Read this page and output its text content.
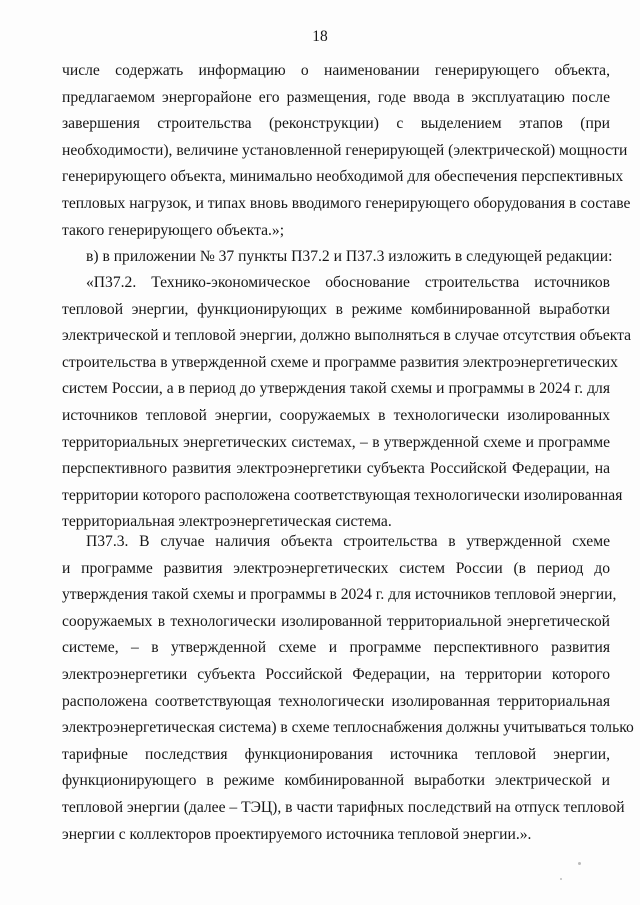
18
числе содержать информацию о наименовании генерирующего объекта,
предлагаемом энергорайоне его размещения, годе ввода в эксплуатацию после
завершения строительства (реконструкции) с выделением этапов (при
необходимости), величине установленной генерирующей (электрической) мощности
генерирующего объекта, минимально необходимой для обеспечения перспективных
тепловых нагрузок, и типах вновь вводимого генерирующего оборудования в составе
такого генерирующего объекта.»;
в) в приложении № 37 пункты П37.2 и П37.3 изложить в следующей редакции:
«П37.2. Технико-экономическое обоснование строительства источников
тепловой энергии, функционирующих в режиме комбинированной выработки
электрической и тепловой энергии, должно выполняться в случае отсутствия объекта
строительства в утвержденной схеме и программе развития электроэнергетических
систем России, а в период до утверждения такой схемы и программы в 2024 г. для
источников тепловой энергии, сооружаемых в технологически изолированных
территориальных энергетических системах, – в утвержденной схеме и программе
перспективного развития электроэнергетики субъекта Российской Федерации, на
территории которого расположена соответствующая технологически изолированная
территориальная электроэнергетическая система.
П37.3. В случае наличия объекта строительства в утвержденной схеме
и программе развития электроэнергетических систем России (в период до
утверждения такой схемы и программы в 2024 г. для источников тепловой энергии,
сооружаемых в технологически изолированной территориальной энергетической
системе, – в утвержденной схеме и программе перспективного развития
электроэнергетики субъекта Российской Федерации, на территории которого
расположена соответствующая технологически изолированная территориальная
электроэнергетическая система) в схеме теплоснабжения должны учитываться только
тарифные последствия функционирования источника тепловой энергии,
функционирующего в режиме комбинированной выработки электрической и
тепловой энергии (далее – ТЭЦ), в части тарифных последствий на отпуск тепловой
энергии с коллекторов проектируемого источника тепловой энергии.».
